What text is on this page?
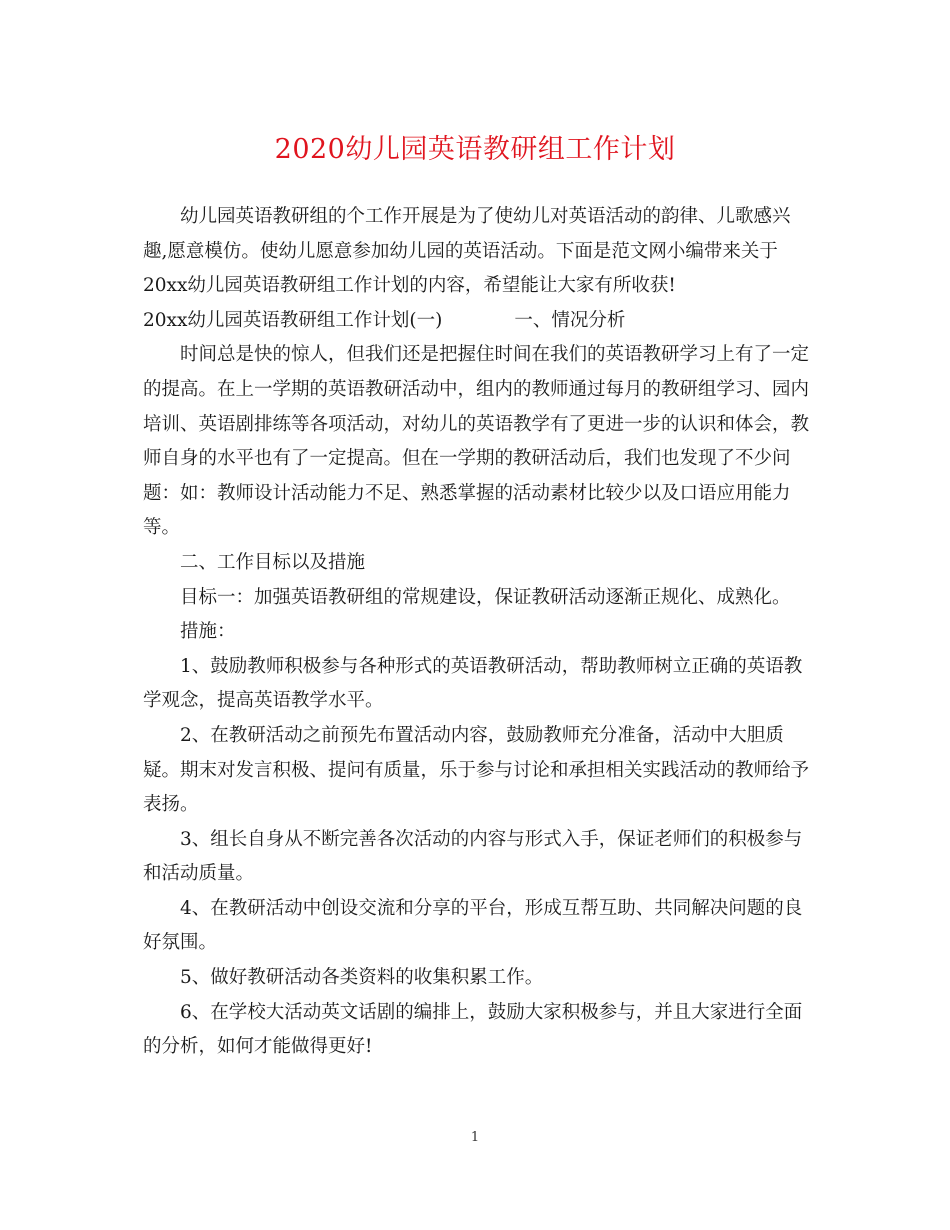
2020幼儿园英语教研组工作计划

幼儿园英语教研组的个工作开展是为了使幼儿对英语活动的韵律、儿歌感兴趣,愿意模仿。使幼儿愿意参加幼儿园的英语活动。下面是范文网小编带来关于20xx幼儿园英语教研组工作计划的内容，希望能让大家有所收获!

20xx幼儿园英语教研组工作计划(一)	一、情况分析

时间总是快的惊人，但我们还是把握住时间在我们的英语教研学习上有了一定的提高。在上一学期的英语教研活动中，组内的教师通过每月的教研组学习、园内培训、英语剧排练等各项活动，对幼儿的英语教学有了更进一步的认识和体会，教师自身的水平也有了一定提高。但在一学期的教研活动后，我们也发现了不少问题：如：教师设计活动能力不足、熟悉掌握的活动素材比较少以及口语应用能力等。

二、工作目标以及措施

目标一：加强英语教研组的常规建设，保证教研活动逐渐正规化、成熟化。

措施：

1、鼓励教师积极参与各种形式的英语教研活动，帮助教师树立正确的英语教学观念，提高英语教学水平。

2、在教研活动之前预先布置活动内容，鼓励教师充分准备，活动中大胆质疑。期末对发言积极、提问有质量，乐于参与讨论和承担相关实践活动的教师给予表扬。

3、组长自身从不断完善各次活动的内容与形式入手，保证老师们的积极参与和活动质量。

4、在教研活动中创设交流和分享的平台，形成互帮互助、共同解决问题的良好氛围。

5、做好教研活动各类资料的收集积累工作。

6、在学校大活动英文话剧的编排上，鼓励大家积极参与，并且大家进行全面的分析，如何才能做得更好!

1
